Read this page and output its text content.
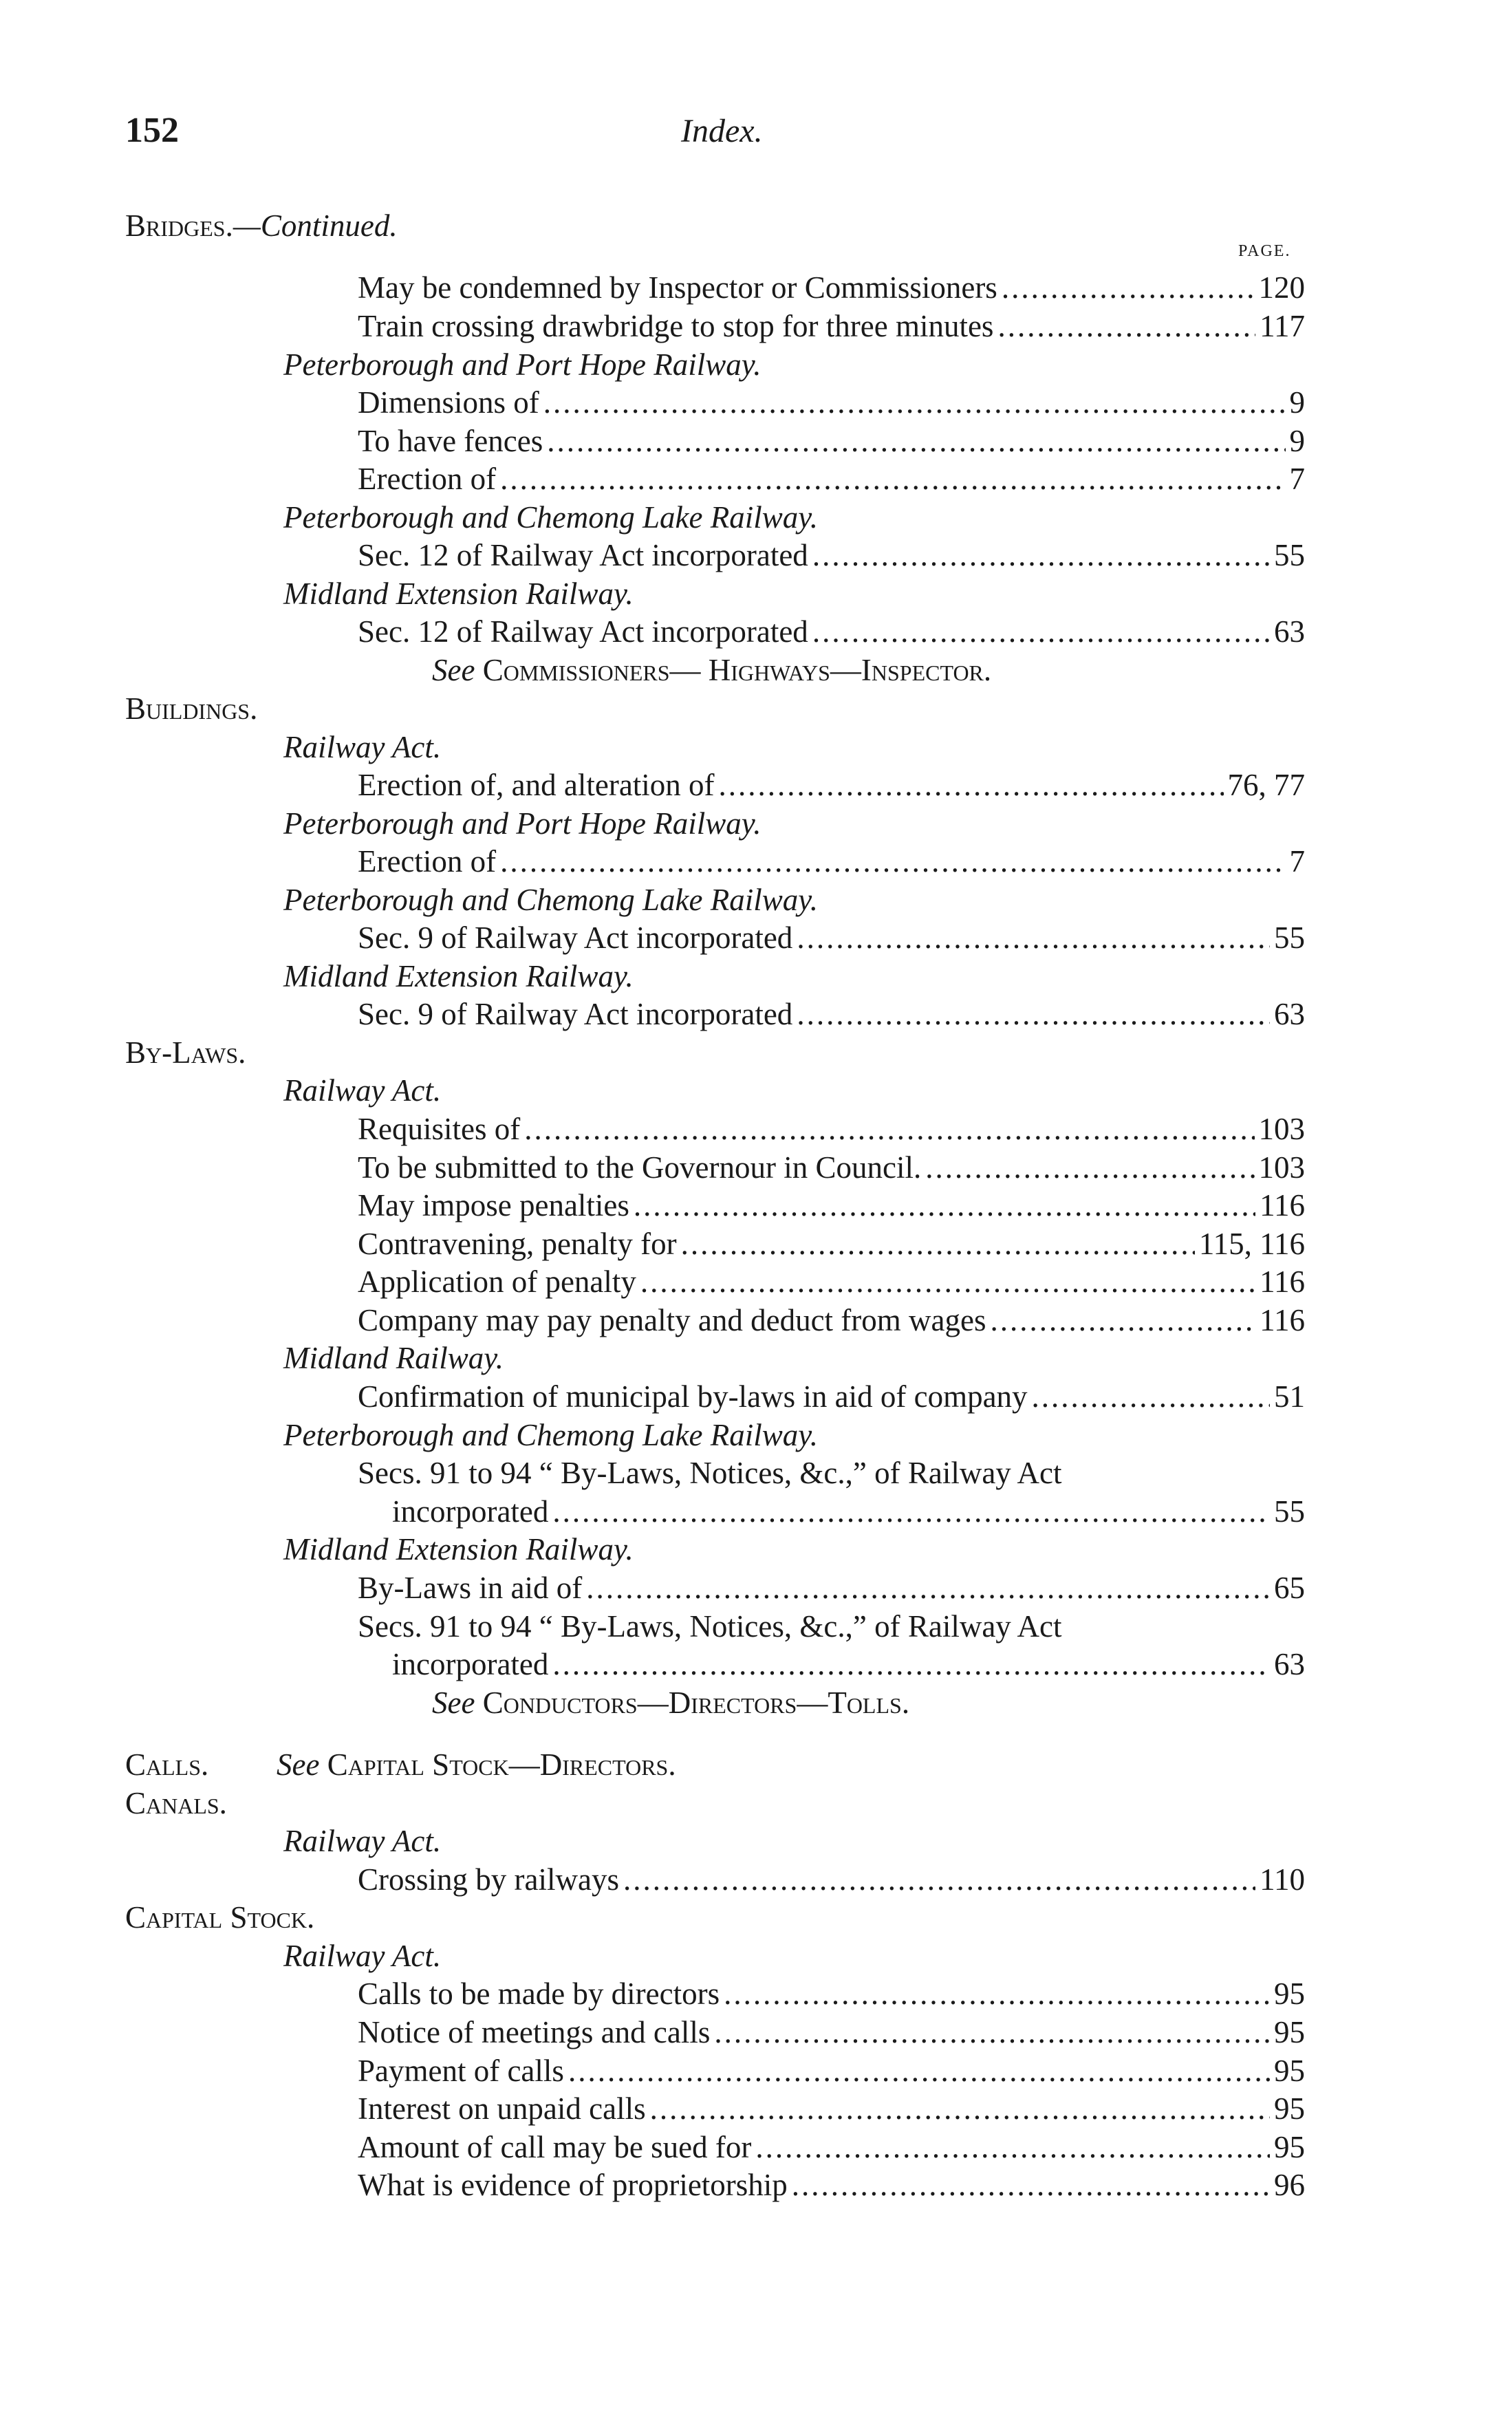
152	Index.
PAGE.
Bridges.—Continued.
May be condemned by Inspector or Commissioners .....	120
Train crossing drawbridge to stop for three minutes .....	117
Peterborough and Port Hope Railway.
Dimensions of .....	9
To have fences .....	9
Erection of .....	7
Peterborough and Chemong Lake Railway.
Sec. 12 of Railway Act incorporated .....	55
Midland Extension Railway.
Sec. 12 of Railway Act incorporated .....	63
See Commissioners— Highways—Inspector.
Buildings.
Railway Act.
Erection of, and alteration of .....	76, 77
Peterborough and Port Hope Railway.
Erection of .....	7
Peterborough and Chemong Lake Railway.
Sec. 9 of Railway Act incorporated .....	55
Midland Extension Railway.
Sec. 9 of Railway Act incorporated .....	63
By-Laws.
Railway Act.
Requisites of .....	103
To be submitted to the Governour in Council. .....	103
May impose penalties .....	116
Contravening, penalty for .....	115, 116
Application of penalty .....	116
Company may pay penalty and deduct from wages .....	116
Midland Railway.
Confirmation of municipal by-laws in aid of company .....	51
Peterborough and Chemong Lake Railway.
Secs. 91 to 94 “ By-Laws, Notices, &c.,” of Railway Act
incorporated .....	55
Midland Extension Railway.
By-Laws in aid of .....	65
Secs. 91 to 94 “ By-Laws, Notices, &c.,” of Railway Act
incorporated .....	63
See Conductors—Directors—Tolls.
Calls. See Capital Stock—Directors.
Canals.
Railway Act.
Crossing by railways .....	110
Capital Stock.
Railway Act.
Calls to be made by directors .....	95
Notice of meetings and calls .....	95
Payment of calls .....	95
Interest on unpaid calls .....	95
Amount of call may be sued for .....	95
What is evidence of proprietorship .....	96
